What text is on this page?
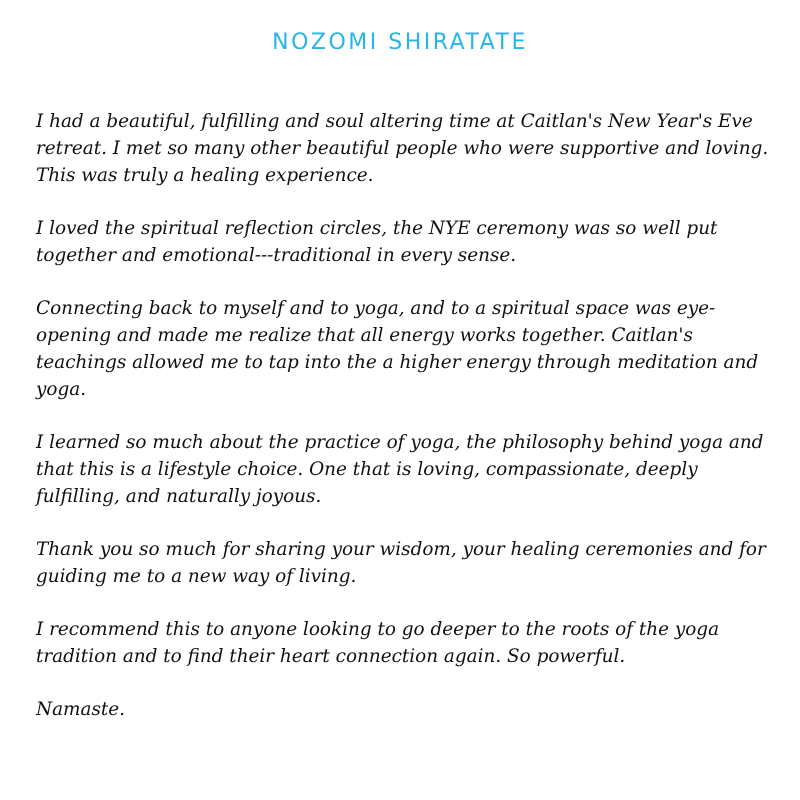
NOZOMI SHIRATATE

I had a beautiful, fulfilling and soul altering time at Caitlan's New Year's Eve retreat. I met so many other beautiful people who were supportive and loving. This was truly a healing experience.

I loved the spiritual reflection circles, the NYE ceremony was so well put together and emotional---traditional in every sense.

Connecting back to myself and to yoga, and to a spiritual space was eye-opening and made me realize that all energy works together. Caitlan's teachings allowed me to tap into the a higher energy through meditation and yoga.

I learned so much about the practice of yoga, the philosophy behind yoga and that this is a lifestyle choice. One that is loving, compassionate, deeply fulfilling, and naturally joyous.

Thank you so much for sharing your wisdom, your healing ceremonies and for guiding me to a new way of living.

I recommend this to anyone looking to go deeper to the roots of the yoga tradition and to find their heart connection again. So powerful.

Namaste.
